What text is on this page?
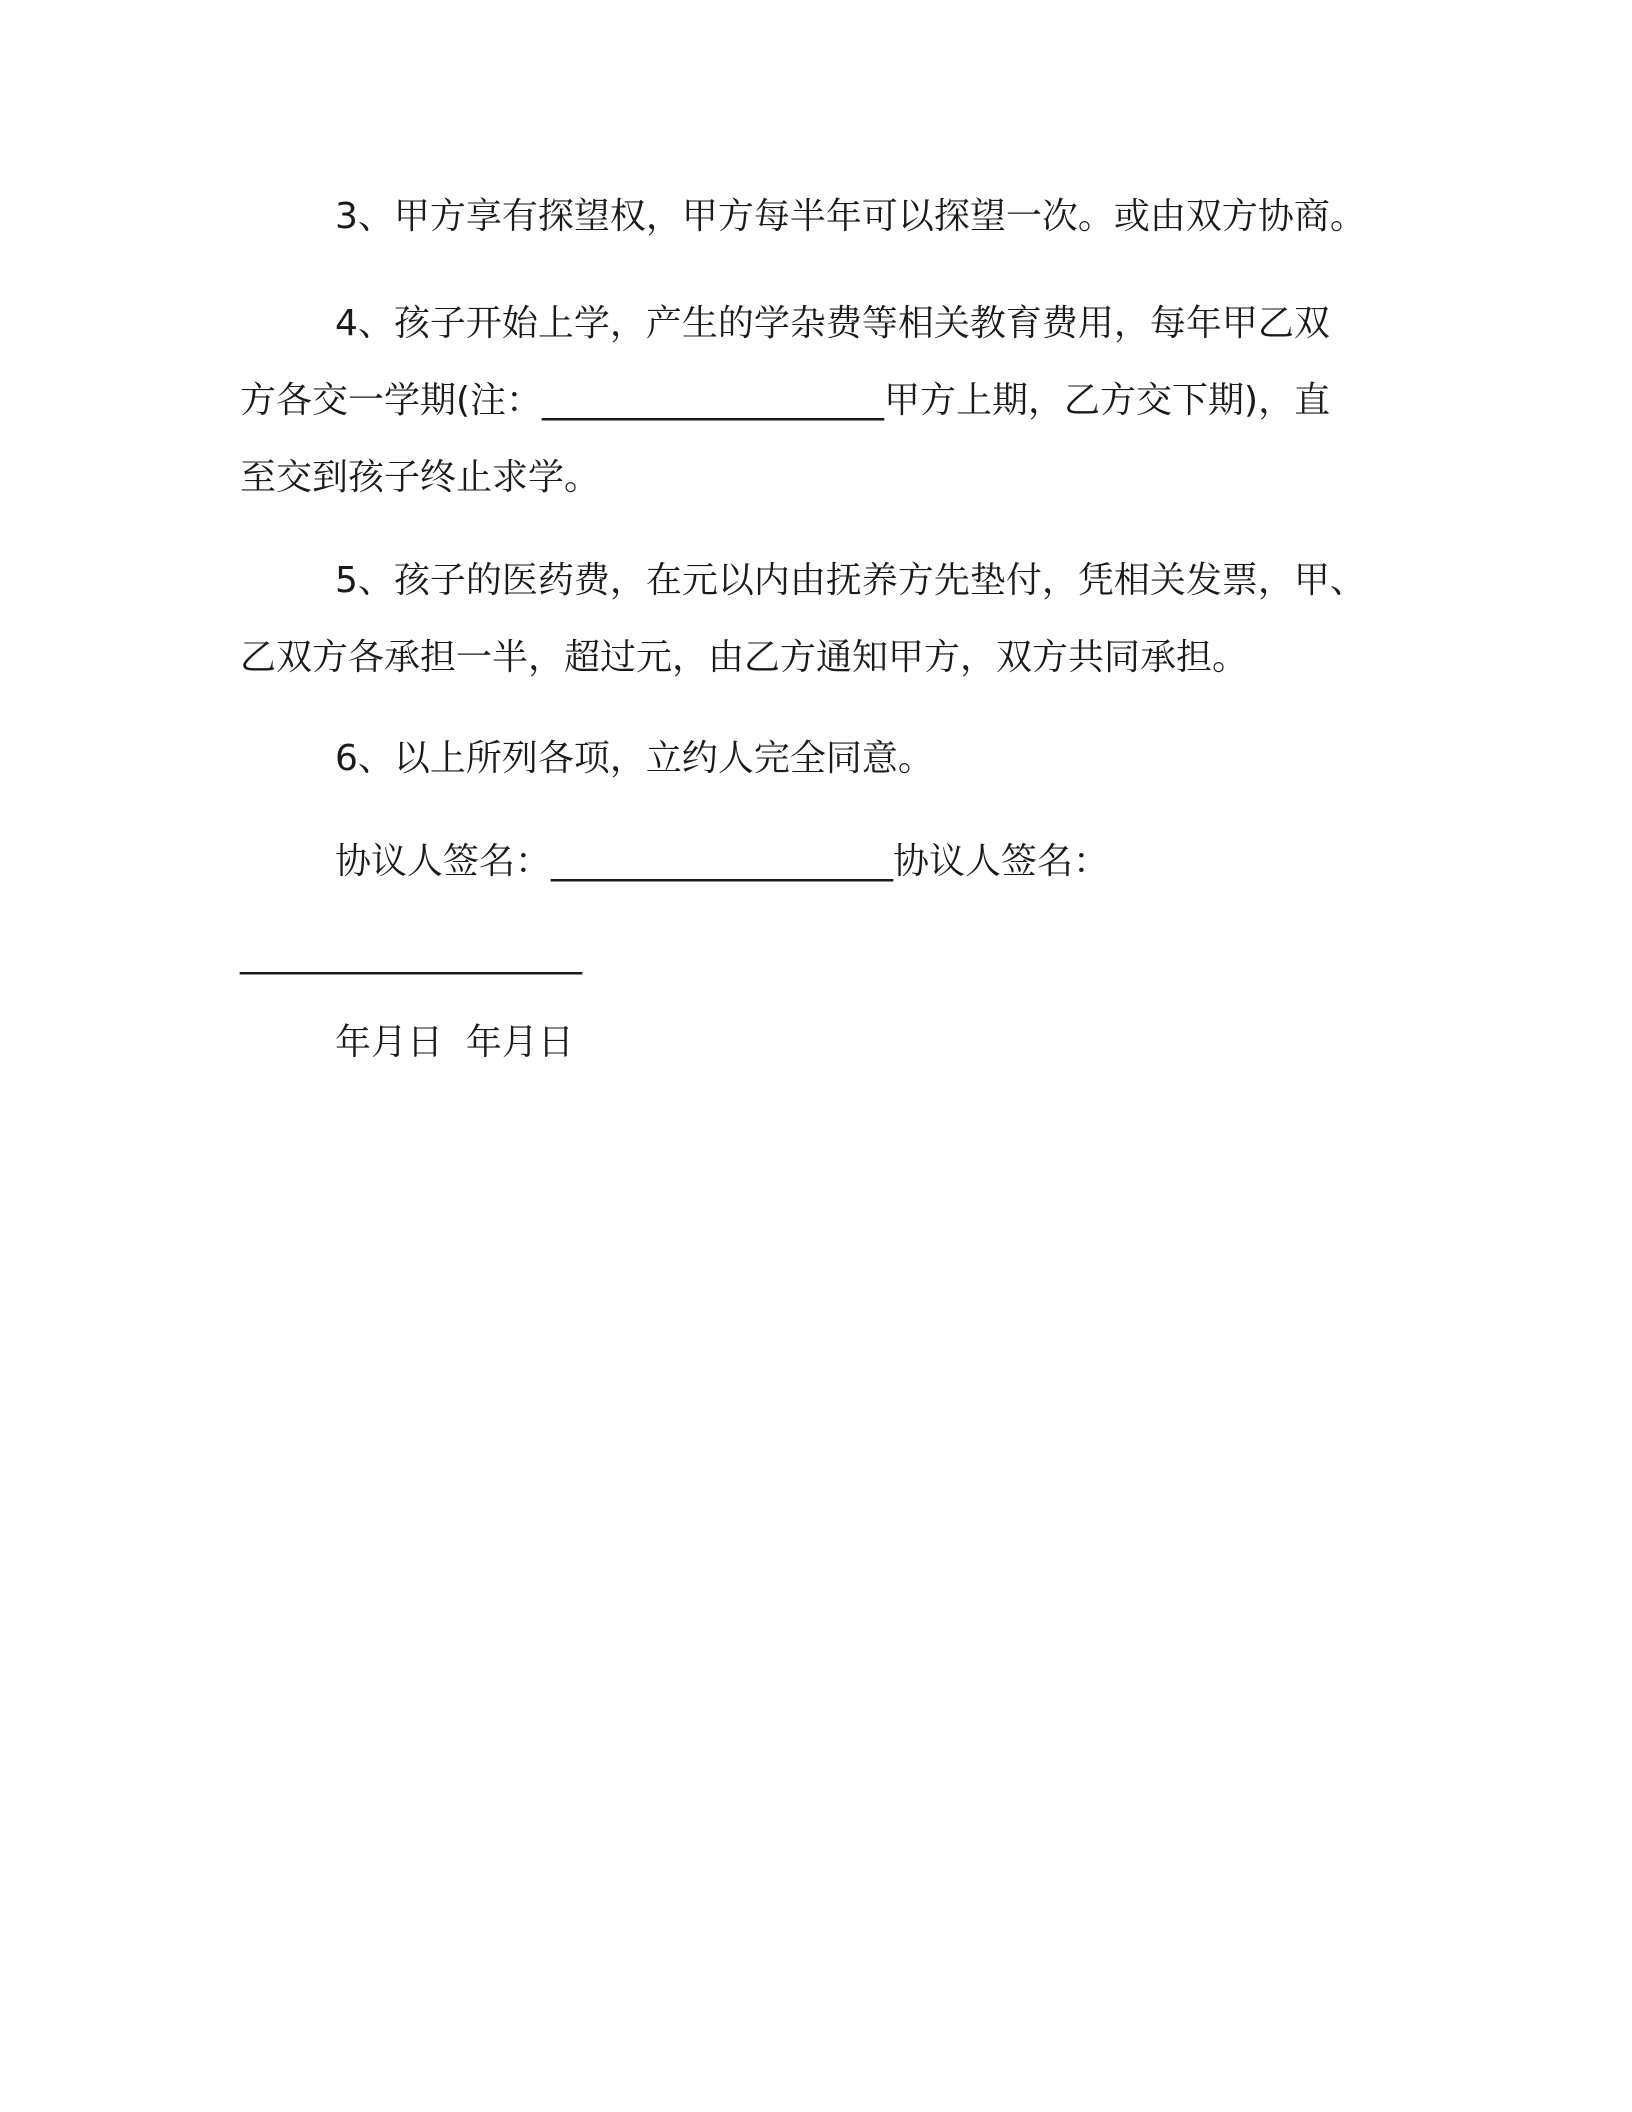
3、甲方享有探望权，甲方每半年可以探望一次。或由双方协商。
4、孩子开始上学，产生的学杂费等相关教育费用，每年甲乙双
方各交一学期(注：___________________甲方上期，乙方交下期)，直
至交到孩子终止求学。
5、孩子的医药费，在元以内由抚养方先垫付，凭相关发票，甲、
乙双方各承担一半，超过元，由乙方通知甲方，双方共同承担。
6、以上所列各项，立约人完全同意。
协议人签名：___________________协议人签名：
___________________
年月日  年月日
